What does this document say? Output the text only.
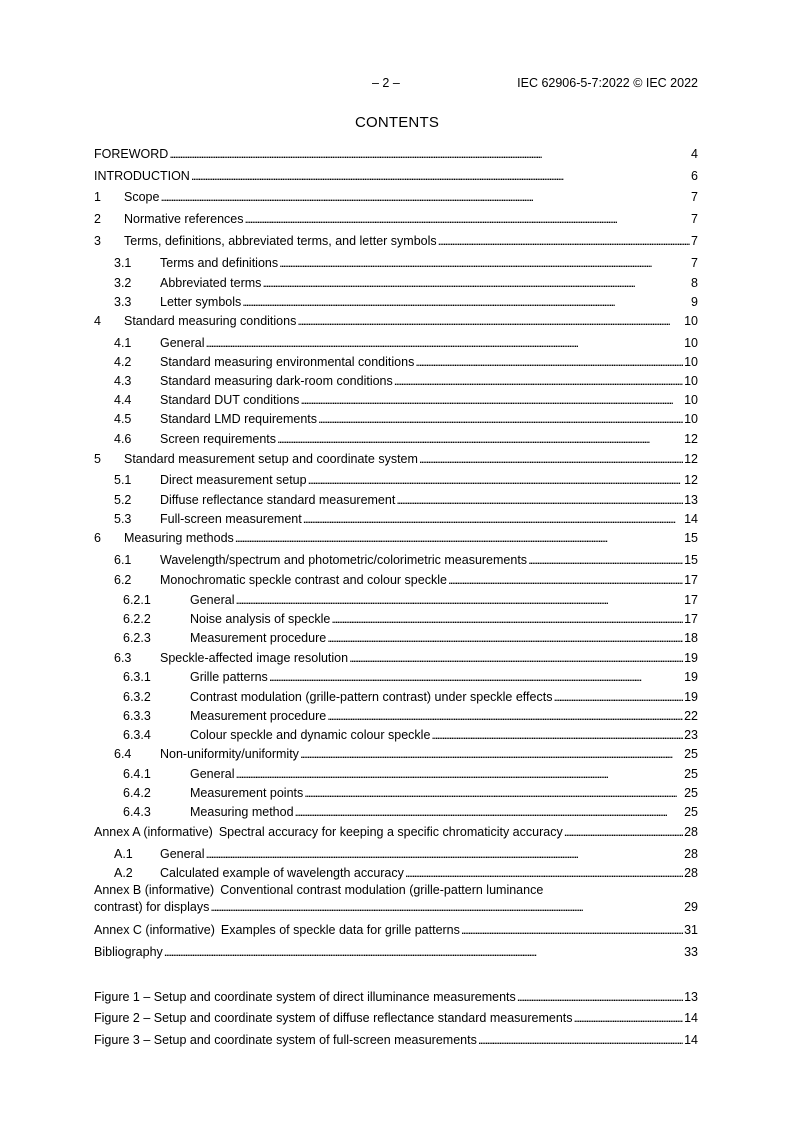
– 2 –	IEC 62906-5-7:2022 © IEC 2022
CONTENTS
FOREWORD . . .	4
INTRODUCTION . . .	6
1	Scope . . .	7
2	Normative references . . .	7
3	Terms, definitions, abbreviated terms, and letter symbols . . .	7
3.1	Terms and definitions . . .	7
3.2	Abbreviated terms . . .	8
3.3	Letter symbols . . .	9
4	Standard measuring conditions . . .	10
4.1	General . . .	10
4.2	Standard measuring environmental conditions . . .	10
4.3	Standard measuring dark-room conditions . . .	10
4.4	Standard DUT conditions . . .	10
4.5	Standard LMD requirements . . .	10
4.6	Screen requirements . . .	12
5	Standard measurement setup and coordinate system . . .	12
5.1	Direct measurement setup . . .	12
5.2	Diffuse reflectance standard measurement . . .	13
5.3	Full-screen measurement . . .	14
6	Measuring methods . . .	15
6.1	Wavelength/spectrum and photometric/colorimetric measurements . . .	15
6.2	Monochromatic speckle contrast and colour speckle . . .	17
6.2.1	General . . .	17
6.2.2	Noise analysis of speckle . . .	17
6.2.3	Measurement procedure . . .	18
6.3	Speckle-affected image resolution . . .	19
6.3.1	Grille patterns . . .	19
6.3.2	Contrast modulation (grille-pattern contrast) under speckle effects . . .	19
6.3.3	Measurement procedure . . .	22
6.3.4	Colour speckle and dynamic colour speckle . . .	23
6.4	Non-uniformity/uniformity . . .	25
6.4.1	General . . .	25
6.4.2	Measurement points . . .	25
6.4.3	Measuring method . . .	25
Annex A (informative) Spectral accuracy for keeping a specific chromaticity accuracy . . .	28
A.1	General . . .	28
A.2	Calculated example of wavelength accuracy . . .	28
Annex B (informative) Conventional contrast modulation (grille-pattern luminance
contrast) for displays . . .	29
Annex C (informative) Examples of speckle data for grille patterns . . .	31
Bibliography . . .	33
Figure 1 – Setup and coordinate system of direct illuminance measurements . . .	13
Figure 2 – Setup and coordinate system of diffuse reflectance standard measurements . . .	14
Figure 3 – Setup and coordinate system of full-screen measurements . . .	14
